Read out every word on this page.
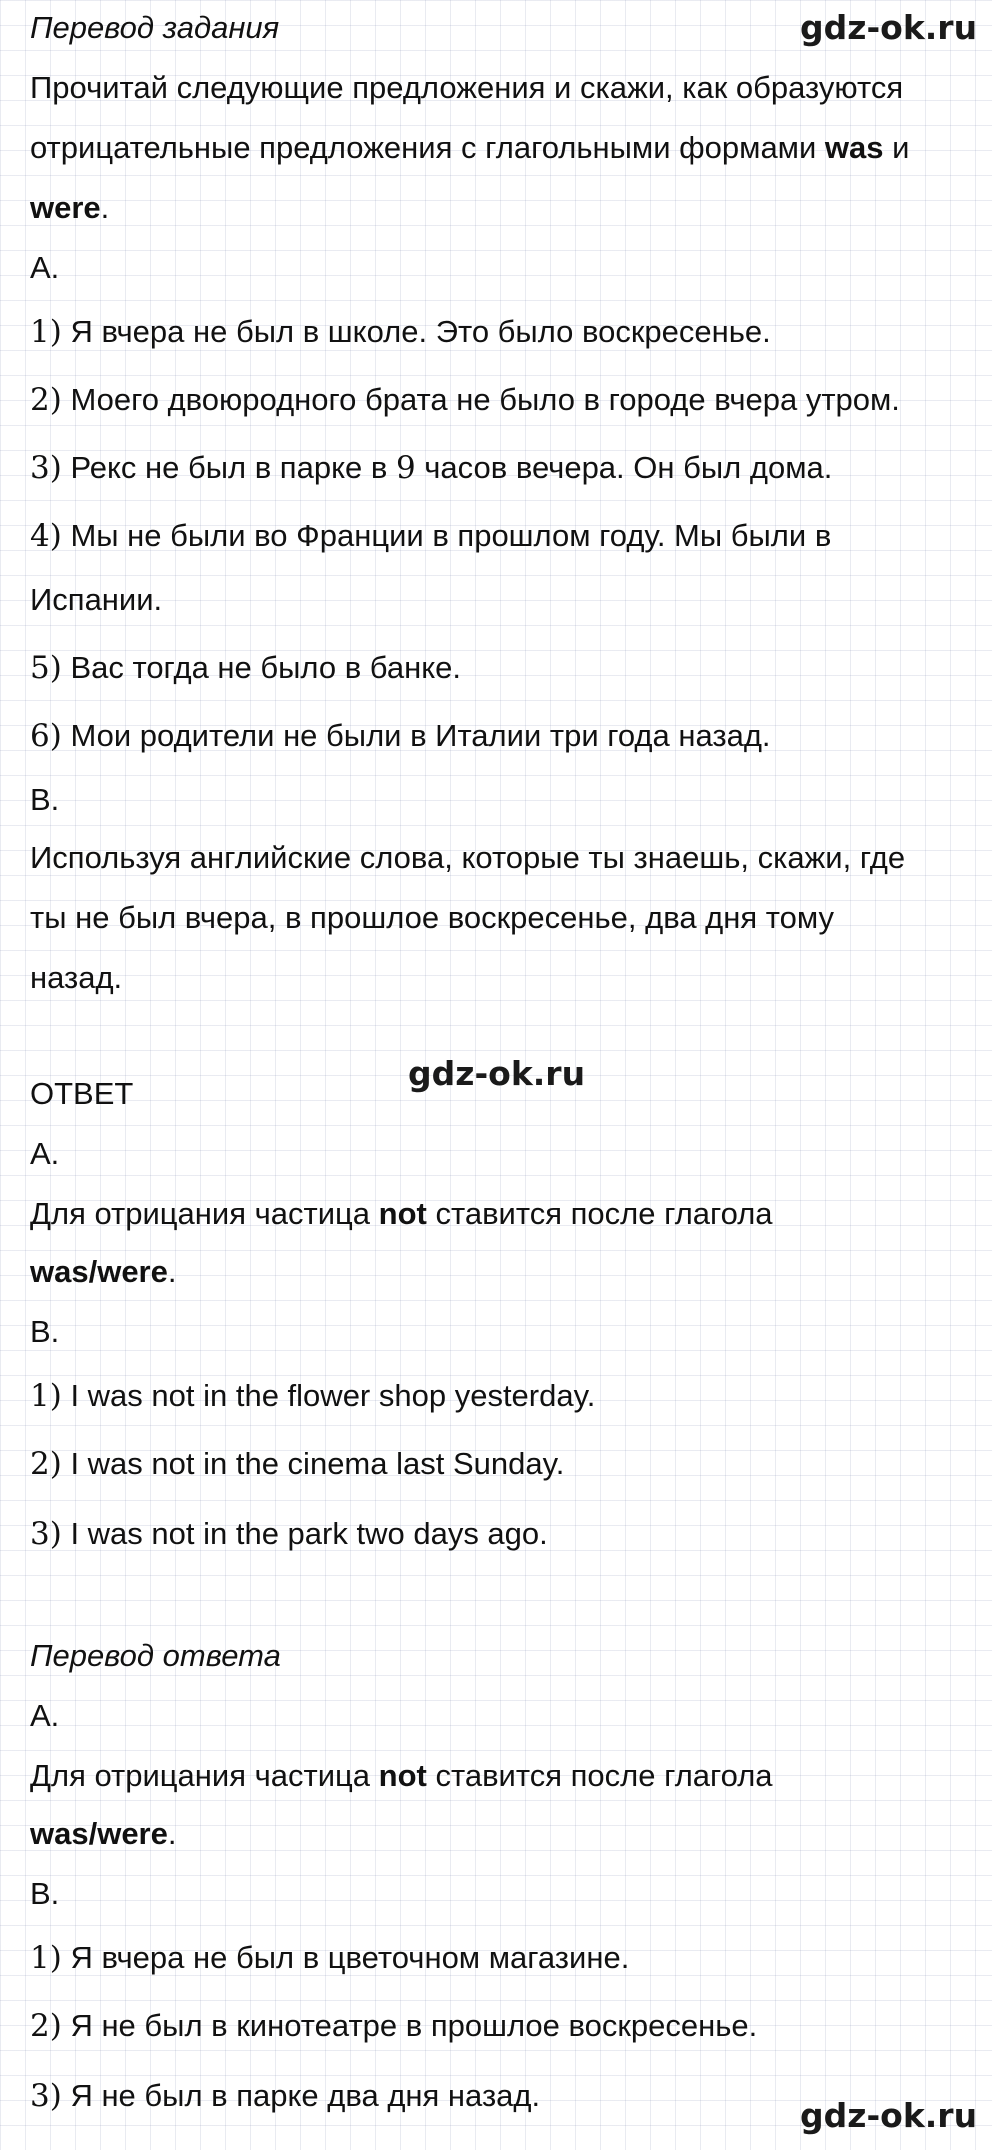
gdz-ok.ru
gdz-ok.ru
gdz-ok.ru

Перевод задания

Прочитай следующие предложения и скажи, как образуются

отрицательные предложения с глагольными формами was и

were.

A.

1) Я вчера не был в школе. Это было воскресенье.

2) Моего двоюродного брата не было в городе вчера утром.

3) Рекс не был в парке в 9 часов вечера. Он был дома.

4) Мы не были во Франции в прошлом году. Мы были в

Испании.

5) Вас тогда не было в банке.

6) Мои родители не были в Италии три года назад.

B.

Используя английские слова, которые ты знаешь, скажи, где

ты не был вчера, в прошлое воскресенье, два дня тому

назад.

ОТВЕТ

A.

Для отрицания частица not ставится после глагола

was/were.

B.

1) I was not in the flower shop yesterday.

2) I was not in the cinema last Sunday.

3) I was not in the park two days ago.

Перевод ответа

A.

Для отрицания частица not ставится после глагола

was/were.

B.

1) Я вчера не был в цветочном магазине.

2) Я не был в кинотеатре в прошлое воскресенье.

3) Я не был в парке два дня назад.
